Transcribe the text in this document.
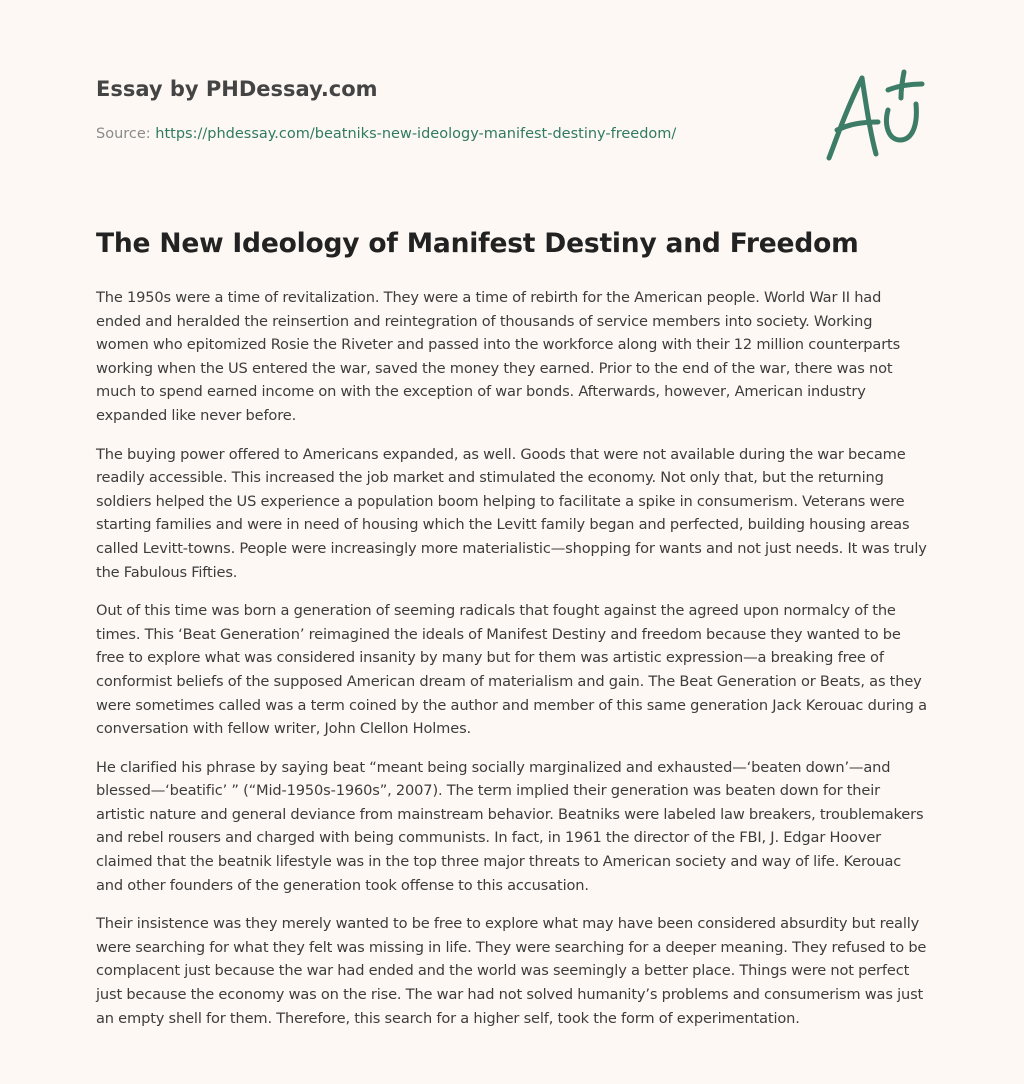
Essay by PHDessay.com
Source: https://phdessay.com/beatniks-new-ideology-manifest-destiny-freedom/
The New Ideology of Manifest Destiny and Freedom

The 1950s were a time of revitalization. They were a time of rebirth for the American people. World War II had ended and heralded the reinsertion and reintegration of thousands of service members into society. Working women who epitomized Rosie the Riveter and passed into the workforce along with their 12 million counterparts working when the US entered the war, saved the money they earned. Prior to the end of the war, there was not much to spend earned income on with the exception of war bonds. Afterwards, however, American industry expanded like never before.

The buying power offered to Americans expanded, as well. Goods that were not available during the war became readily accessible. This increased the job market and stimulated the economy. Not only that, but the returning soldiers helped the US experience a population boom helping to facilitate a spike in consumerism. Veterans were starting families and were in need of housing which the Levitt family began and perfected, building housing areas called Levitt-towns. People were increasingly more materialistic—shopping for wants and not just needs. It was truly the Fabulous Fifties.

Out of this time was born a generation of seeming radicals that fought against the agreed upon normalcy of the times. This ‘Beat Generation’ reimagined the ideals of Manifest Destiny and freedom because they wanted to be free to explore what was considered insanity by many but for them was artistic expression—a breaking free of conformist beliefs of the supposed American dream of materialism and gain. The Beat Generation or Beats, as they were sometimes called was a term coined by the author and member of this same generation Jack Kerouac during a conversation with fellow writer, John Clellon Holmes.

He clarified his phrase by saying beat “meant being socially marginalized and exhausted—‘beaten down’—and blessed—‘beatific’ ” (“Mid-1950s-1960s”, 2007). The term implied their generation was beaten down for their artistic nature and general deviance from mainstream behavior. Beatniks were labeled law breakers, troublemakers and rebel rousers and charged with being communists. In fact, in 1961 the director of the FBI, J. Edgar Hoover claimed that the beatnik lifestyle was in the top three major threats to American society and way of life. Kerouac and other founders of the generation took offense to this accusation.

Their insistence was they merely wanted to be free to explore what may have been considered absurdity but really were searching for what they felt was missing in life. They were searching for a deeper meaning. They refused to be complacent just because the war had ended and the world was seemingly a better place. Things were not perfect just because the economy was on the rise. The war had not solved humanity’s problems and consumerism was just an empty shell for them. Therefore, this search for a higher self, took the form of experimentation.
